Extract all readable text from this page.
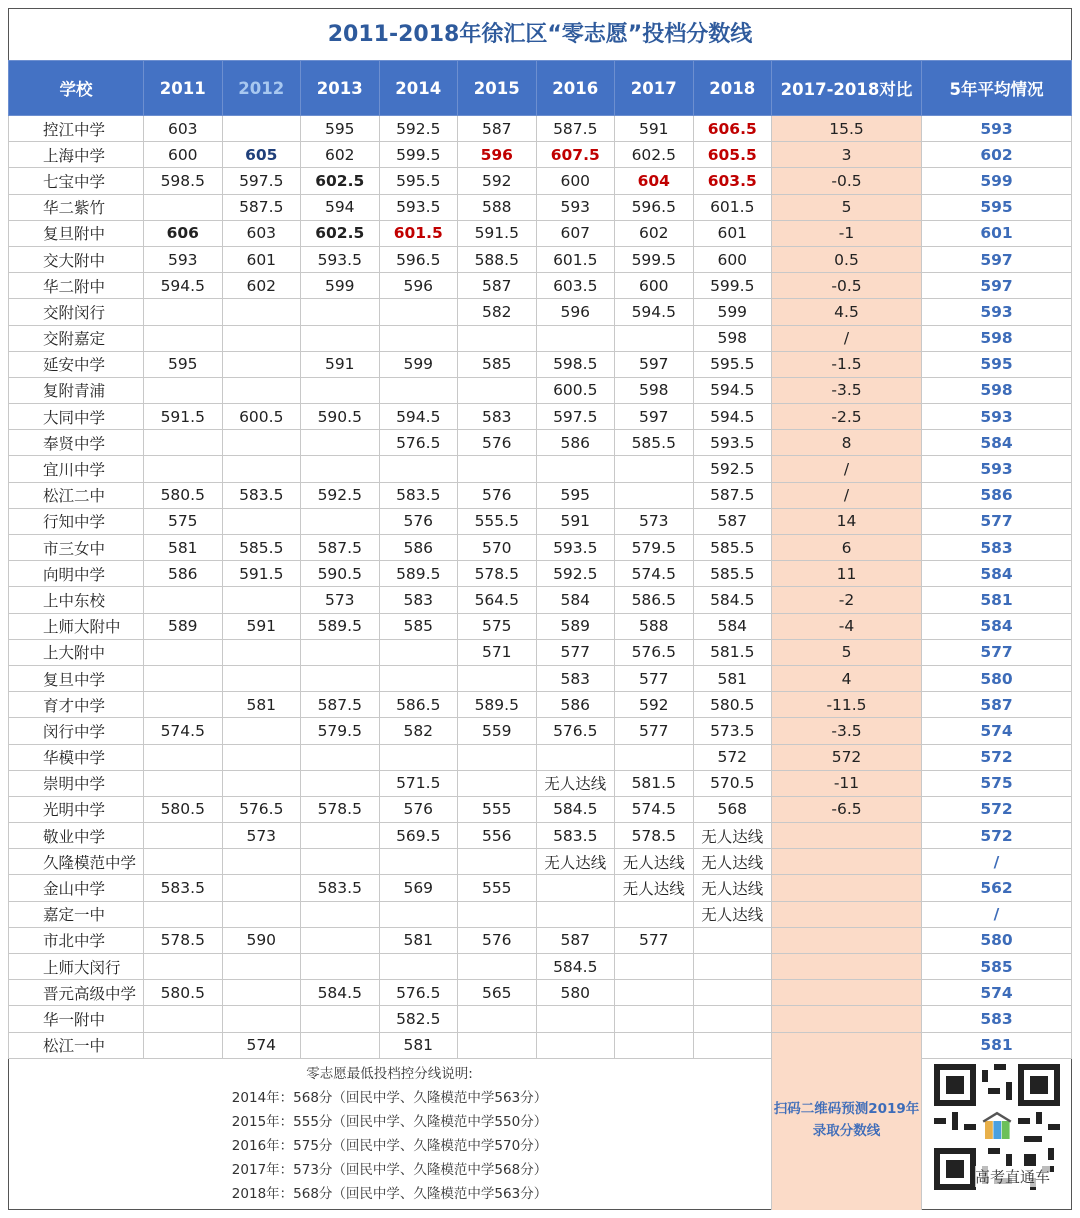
2011-2018年徐汇区“零志愿”投档分数线
学校	2011	2012	2013	2014	2015	2016	2017	2018	2017-2018对比	5年平均情况
控江中学	603		595	592.5	587	587.5	591	606.5	15.5	593
上海中学	600	605	602	599.5	596	607.5	602.5	605.5	3	602
七宝中学	598.5	597.5	602.5	595.5	592	600	604	603.5	-0.5	599
华二紫竹		587.5	594	593.5	588	593	596.5	601.5	5	595
复旦附中	606	603	602.5	601.5	591.5	607	602	601	-1	601
交大附中	593	601	593.5	596.5	588.5	601.5	599.5	600	0.5	597
华二附中	594.5	602	599	596	587	603.5	600	599.5	-0.5	597
交附闵行					582	596	594.5	599	4.5	593
交附嘉定								598	/	598
延安中学	595		591	599	585	598.5	597	595.5	-1.5	595
复附青浦						600.5	598	594.5	-3.5	598
大同中学	591.5	600.5	590.5	594.5	583	597.5	597	594.5	-2.5	593
奉贤中学				576.5	576	586	585.5	593.5	8	584
宜川中学								592.5	/	593
松江二中	580.5	583.5	592.5	583.5	576	595		587.5	/	586
行知中学	575			576	555.5	591	573	587	14	577
市三女中	581	585.5	587.5	586	570	593.5	579.5	585.5	6	583
向明中学	586	591.5	590.5	589.5	578.5	592.5	574.5	585.5	11	584
上中东校			573	583	564.5	584	586.5	584.5	-2	581
上师大附中	589	591	589.5	585	575	589	588	584	-4	584
上大附中					571	577	576.5	581.5	5	577
复旦中学						583	577	581	4	580
育才中学		581	587.5	586.5	589.5	586	592	580.5	-11.5	587
闵行中学	574.5		579.5	582	559	576.5	577	573.5	-3.5	574
华模中学								572	572	572
崇明中学				571.5		无人达线	581.5	570.5	-11	575
光明中学	580.5	576.5	578.5	576	555	584.5	574.5	568	-6.5	572
敬业中学		573		569.5	556	583.5	578.5	无人达线		572
久隆模范中学						无人达线	无人达线	无人达线		/
金山中学	583.5		583.5	569	555		无人达线	无人达线		562
嘉定一中								无人达线		/
市北中学	578.5	590		581	576	587	577			580
上师大闵行						584.5				585
晋元高级中学	580.5		584.5	576.5	565	580				574
华一附中				582.5						583
松江一中		574		581						581
零志愿最低投档控分线说明:
2014年：568分（回民中学、久隆模范中学563分）
2015年：555分（回民中学、久隆模范中学550分）
2016年：575分（回民中学、久隆模范中学570分）
2017年：573分（回民中学、久隆模范中学568分）
2018年：568分（回民中学、久隆模范中学563分）
扫码二维码预测2019年录取分数线
高考直通车
